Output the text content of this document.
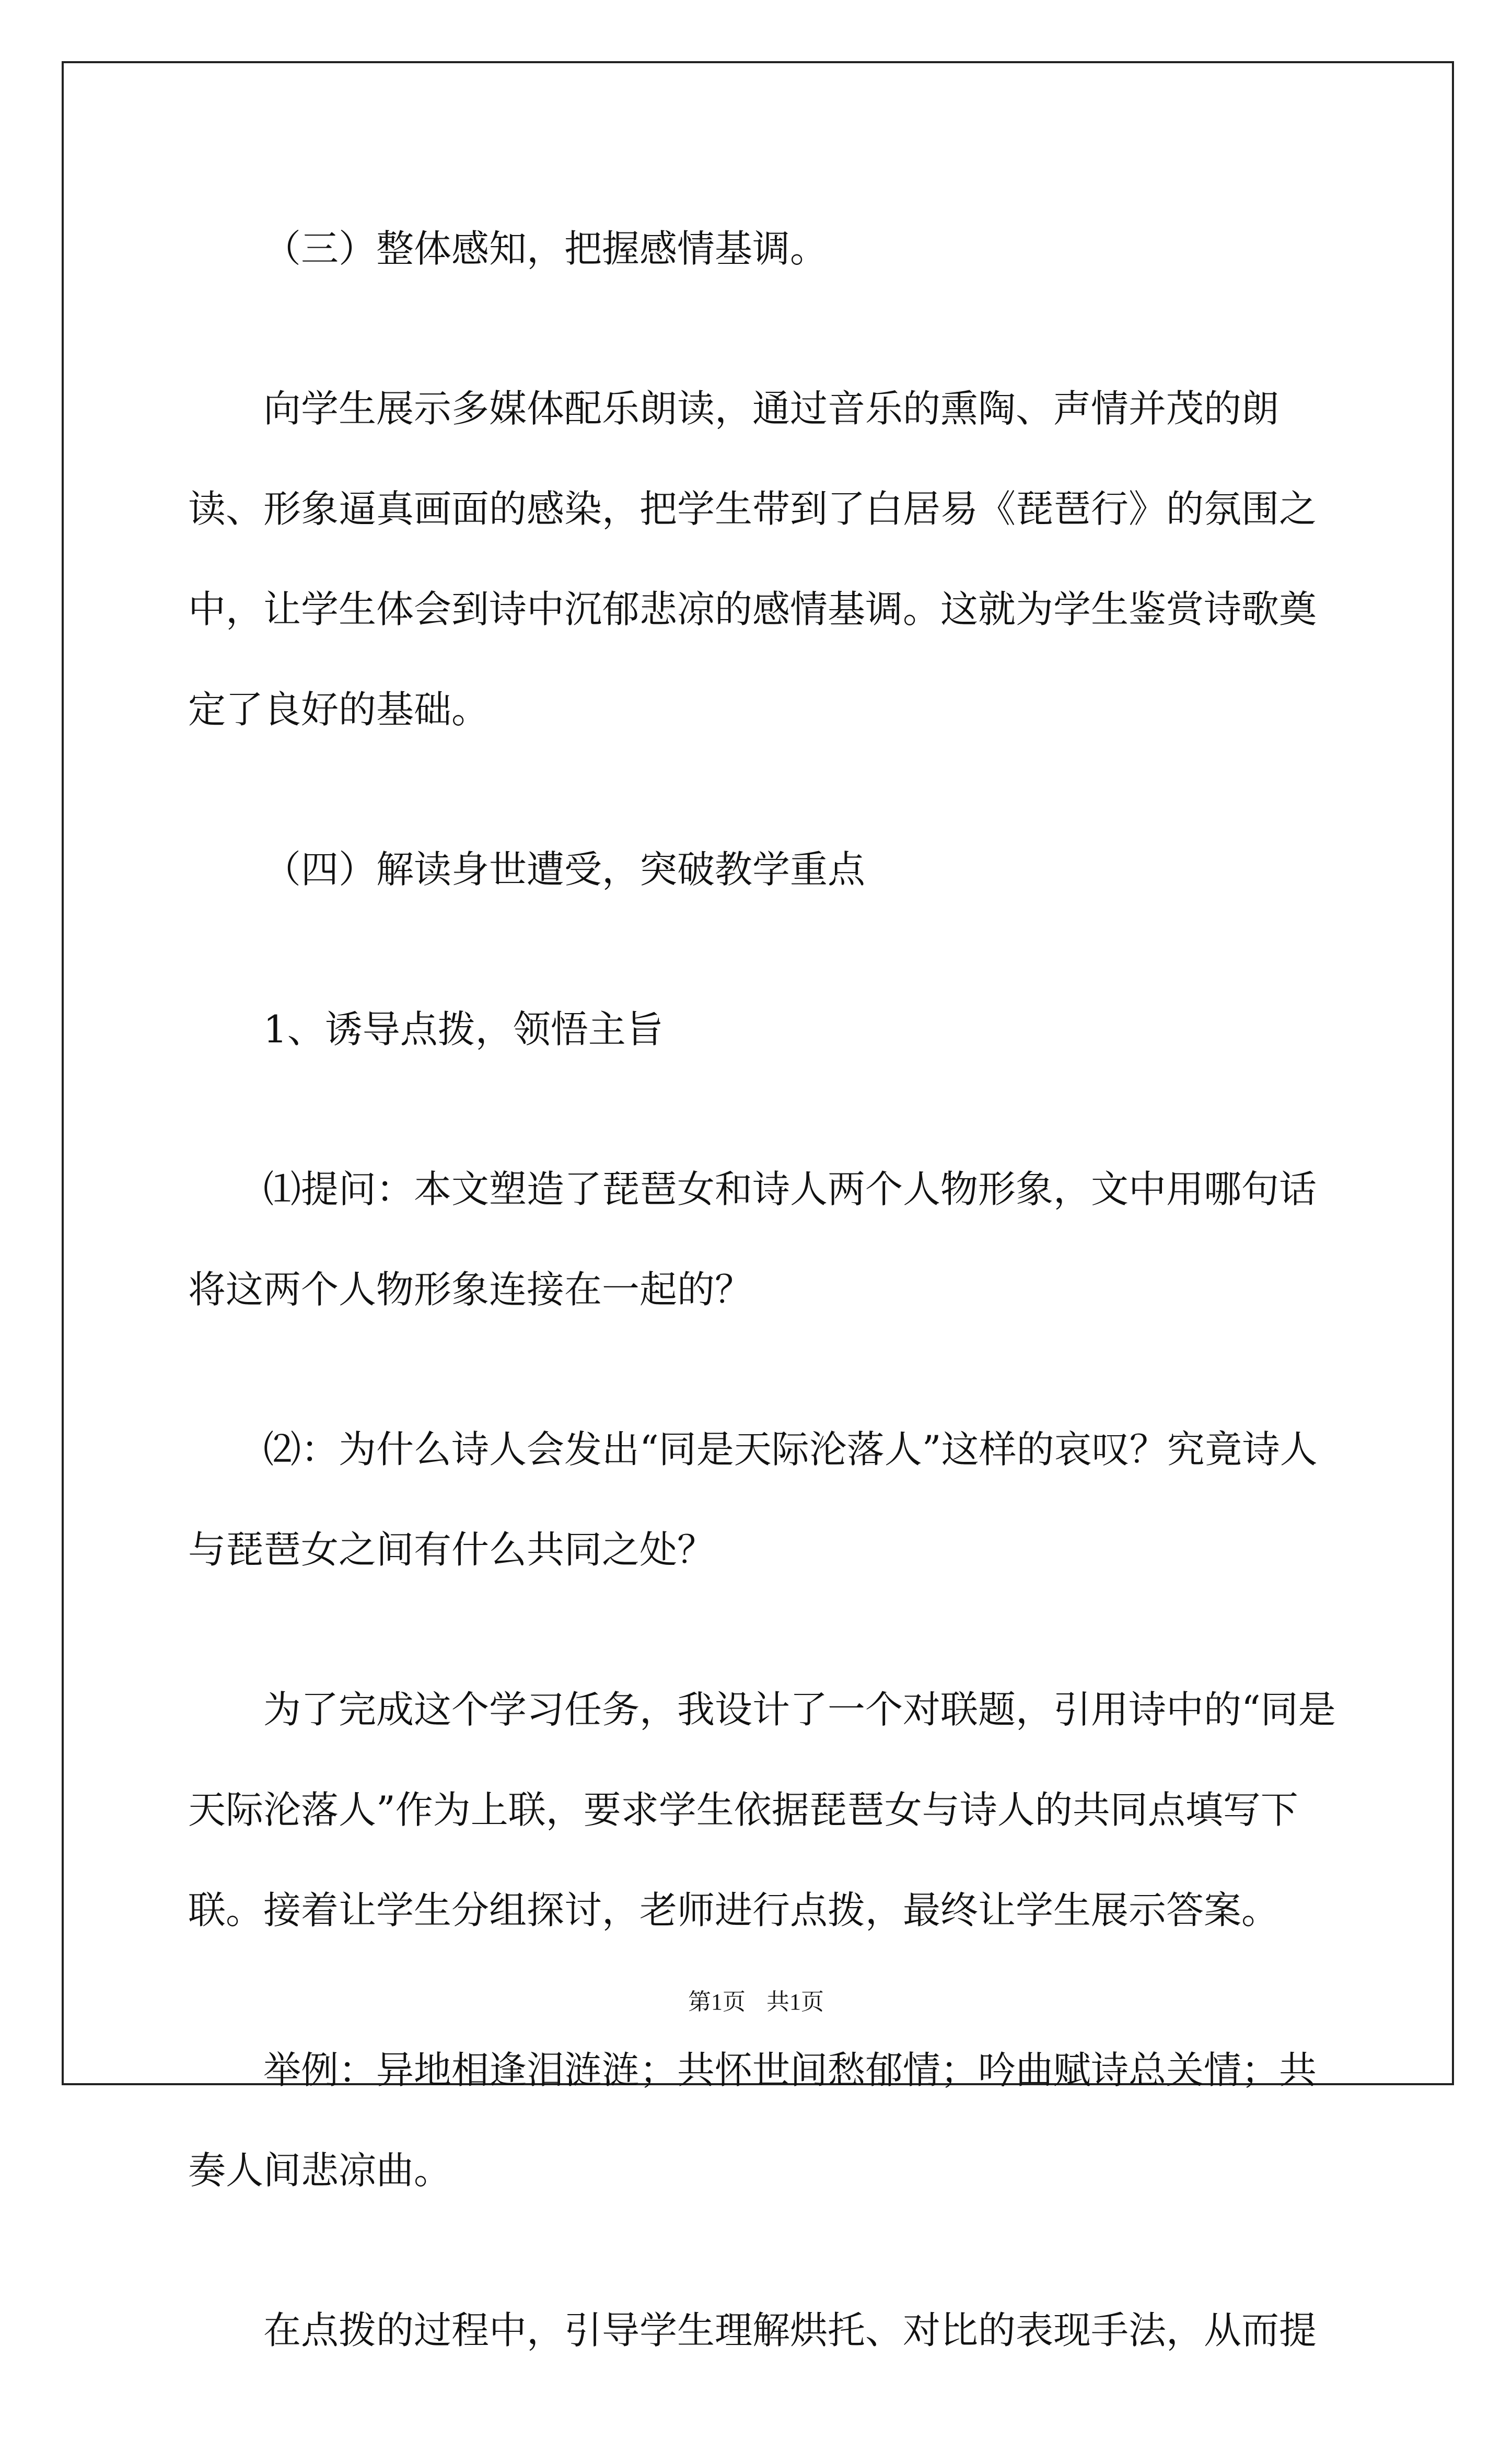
（三）整体感知，把握感情基调。

向学生展示多媒体配乐朗读，通过音乐的熏陶、声情并茂的朗读、形象逼真画面的感染，把学生带到了白居易《琵琶行》的氛围之中，让学生体会到诗中沉郁悲凉的感情基调。这就为学生鉴赏诗歌奠定了良好的基础。

（四）解读身世遭受，突破教学重点

1、诱导点拨，领悟主旨

⑴提问：本文塑造了琵琶女和诗人两个人物形象，文中用哪句话将这两个人物形象连接在一起的？

⑵：为什么诗人会发出“同是天际沦落人”这样的哀叹？究竟诗人与琵琶女之间有什么共同之处？

为了完成这个学习任务，我设计了一个对联题，引用诗中的“同是天际沦落人”作为上联，要求学生依据琵琶女与诗人的共同点填写下联。接着让学生分组探讨，老师进行点拨，最终让学生展示答案。

举例：异地相逢泪涟涟；共怀世间愁郁情；吟曲赋诗总关情；共奏人间悲凉曲。

在点拨的过程中，引导学生理解烘托、对比的表现手法，从而提

第1页 共1页
